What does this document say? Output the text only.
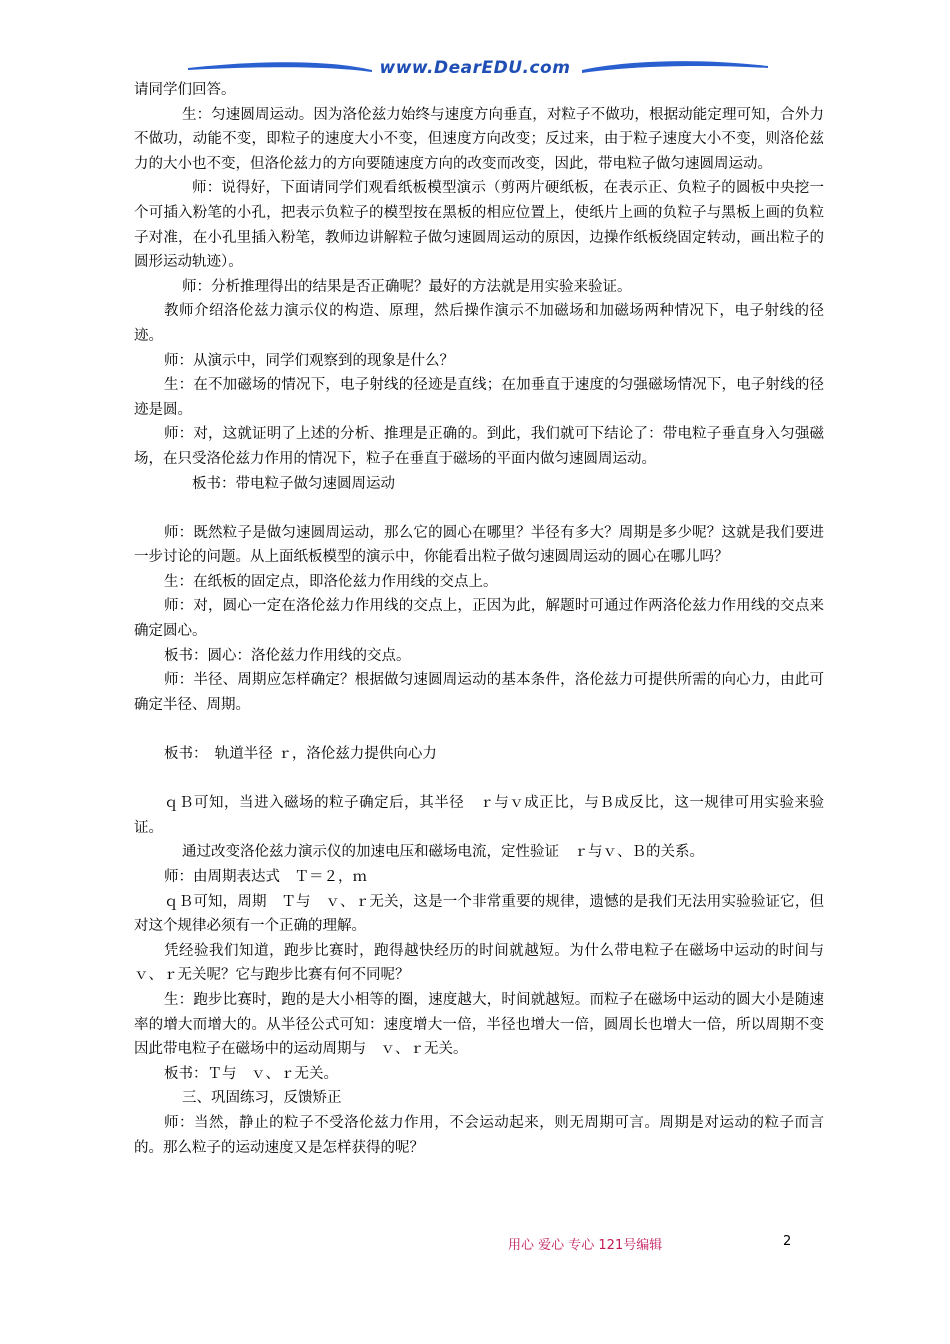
www.DearEDU.com

请同学们回答。

生：匀速圆周运动。因为洛伦兹力始终与速度方向垂直，对粒子不做功，根据动能定理可知，合外力不做功，动能不变，即粒子的速度大小不变，但速度方向改变；反过来，由于粒子速度大小不变，则洛伦兹力的大小也不变，但洛伦兹力的方向要随速度方向的改变而改变，因此，带电粒子做匀速圆周运动。

师：说得好，下面请同学们观看纸板模型演示（剪两片硬纸板，在表示正、负粒子的圆板中央挖一个可插入粉笔的小孔，把表示负粒子的模型按在黑板的相应位置上，使纸片上画的负粒子与黑板上画的负粒子对准，在小孔里插入粉笔，教师边讲解粒子做匀速圆周运动的原因，边操作纸板绕固定转动，画出粒子的圆形运动轨迹）。

师：分析推理得出的结果是否正确呢？最好的方法就是用实验来验证。

教师介绍洛伦兹力演示仪的构造、原理，然后操作演示不加磁场和加磁场两种情况下，电子射线的径迹。

师：从演示中，同学们观察到的现象是什么？

生：在不加磁场的情况下，电子射线的径迹是直线；在加垂直于速度的匀强磁场情况下，电子射线的径迹是圆。

师：对，这就证明了上述的分析、推理是正确的。到此，我们就可下结论了：带电粒子垂直身入匀强磁场，在只受洛伦兹力作用的情况下，粒子在垂直于磁场的平面内做匀速圆周运动。

板书：带电粒子做匀速圆周运动

师：既然粒子是做匀速圆周运动，那么它的圆心在哪里？半径有多大？周期是多少呢？这就是我们要进一步讨论的问题。从上面纸板模型的演示中，你能看出粒子做匀速圆周运动的圆心在哪儿吗？

生：在纸板的固定点，即洛伦兹力作用线的交点上。

师：对，圆心一定在洛伦兹力作用线的交点上，正因为此，解题时可通过作两洛伦兹力作用线的交点来确定圆心。

板书：圆心：洛伦兹力作用线的交点。

师：半径、周期应怎样确定？根据做匀速圆周运动的基本条件，洛伦兹力可提供所需的向心力，由此可确定半径、周期。

板书：　轨道半径 ｒ，洛伦兹力提供向心力

ｑＢ可知，当进入磁场的粒子确定后，其半径　ｒ与ｖ成正比，与Ｂ成反比，这一规律可用实验来验证。

通过改变洛伦兹力演示仪的加速电压和磁场电流，定性验证　ｒ与ｖ、Ｂ的关系。

师：由周期表达式　Ｔ＝２，ｍ

ｑＢ可知，周期　Ｔ与　ｖ、ｒ无关，这是一个非常重要的规律，遗憾的是我们无法用实验验证它，但对这个规律必须有一个正确的理解。

凭经验我们知道，跑步比赛时，跑得越快经历的时间就越短。为什么带电粒子在磁场中运动的时间与　ｖ、ｒ无关呢？它与跑步比赛有何不同呢？

生：跑步比赛时，跑的是大小相等的圈，速度越大，时间就越短。而粒子在磁场中运动的圆大小是随速率的增大而增大的。从半径公式可知：速度增大一倍，半径也增大一倍，圆周长也增大一倍，所以周期不变因此带电粒子在磁场中的运动周期与　ｖ、ｒ无关。

板书：Ｔ与　ｖ、ｒ无关。

三、巩固练习，反馈矫正

师：当然，静止的粒子不受洛伦兹力作用，不会运动起来，则无周期可言。周期是对运动的粒子而言的。那么粒子的运动速度又是怎样获得的呢？

用心 爱心 专心 121号编辑	2
